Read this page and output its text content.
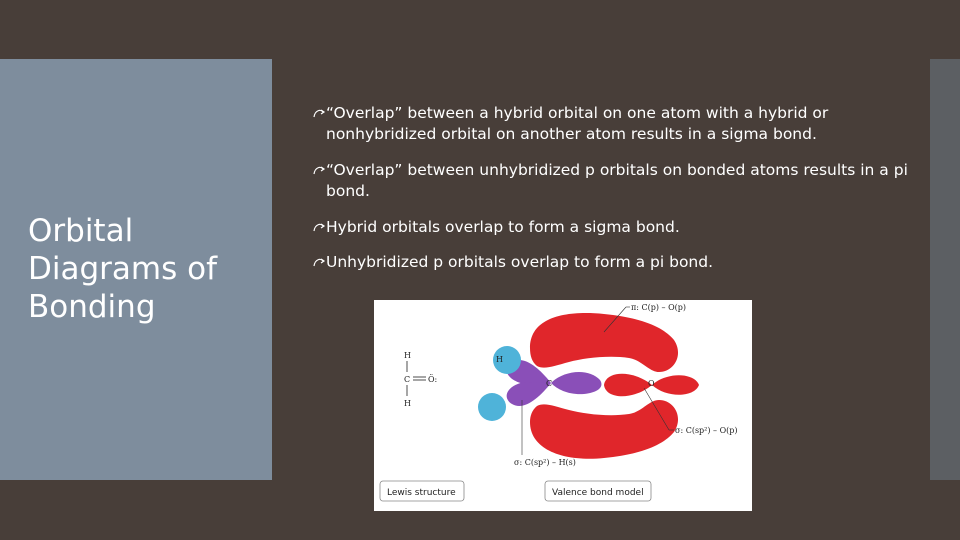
Orbital Diagrams of Bonding
“Overlap” between a hybrid orbital on one atom with a hybrid or nonhybridized orbital on another atom results in a sigma bond.
“Overlap” between unhybridized p orbitals on bonded atoms results in a pi bond.
Hybrid orbitals overlap to form a sigma bond.
Unhybridized p orbitals overlap to form a pi bond.
H
C Ö:
H
H
C	O
π: C(p) – O(p)
σ: C(sp²) – O(p)
σ: C(sp²) – H(s)
Lewis structure	Valence bond model
